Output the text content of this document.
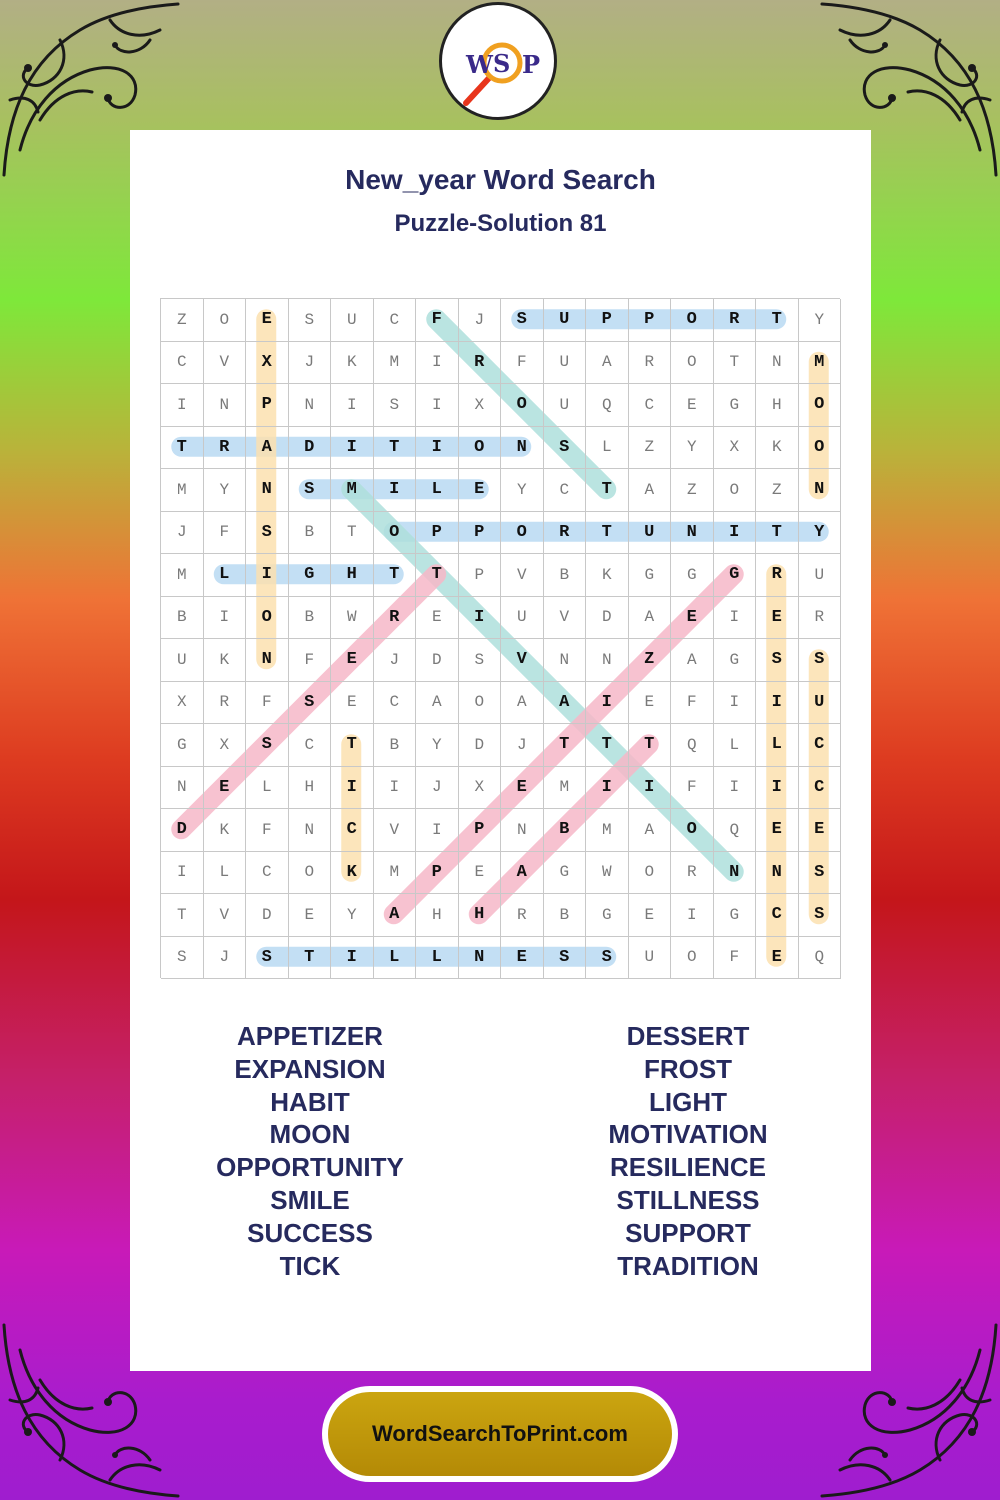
W S P
New_year Word Search
Puzzle-Solution 81
Z	O	E	S	U	C	F	J	S	U	P	P	O	R	T	Y
C	V	X	J	K	M	I	R	F	U	A	R	O	T	N	M
I	N	P	N	I	S	I	X	O	U	Q	C	E	G	H	O
T	R	A	D	I	T	I	O	N	S	L	Z	Y	X	K	O
M	Y	N	S	M	I	L	E	Y	C	T	A	Z	O	Z	N
J	F	S	B	T	O	P	P	O	R	T	U	N	I	T	Y
M	L	I	G	H	T	T	P	V	B	K	G	G	G	R	U
B	I	O	B	W	R	E	I	U	V	D	A	E	I	E	R
U	K	N	F	E	J	D	S	V	N	N	Z	A	G	S	S
X	R	F	S	E	C	A	O	A	A	I	E	F	I	I	U
G	X	S	C	T	B	Y	D	J	T	T	T	Q	L	L	C
N	E	L	H	I	I	J	X	E	M	I	I	F	I	I	C
D	K	F	N	C	V	I	P	N	B	M	A	O	Q	E	E
I	L	C	O	K	M	P	E	A	G	W	O	R	N	N	S
T	V	D	E	Y	A	H	H	R	B	G	E	I	G	C	S
S	J	S	T	I	L	L	N	E	S	S	U	O	F	E	Q
APPETIZER
EXPANSION
HABIT
MOON
OPPORTUNITY
SMILE
SUCCESS
TICK
DESSERT
FROST
LIGHT
MOTIVATION
RESILIENCE
STILLNESS
SUPPORT
TRADITION
WordSearchToPrint.com
